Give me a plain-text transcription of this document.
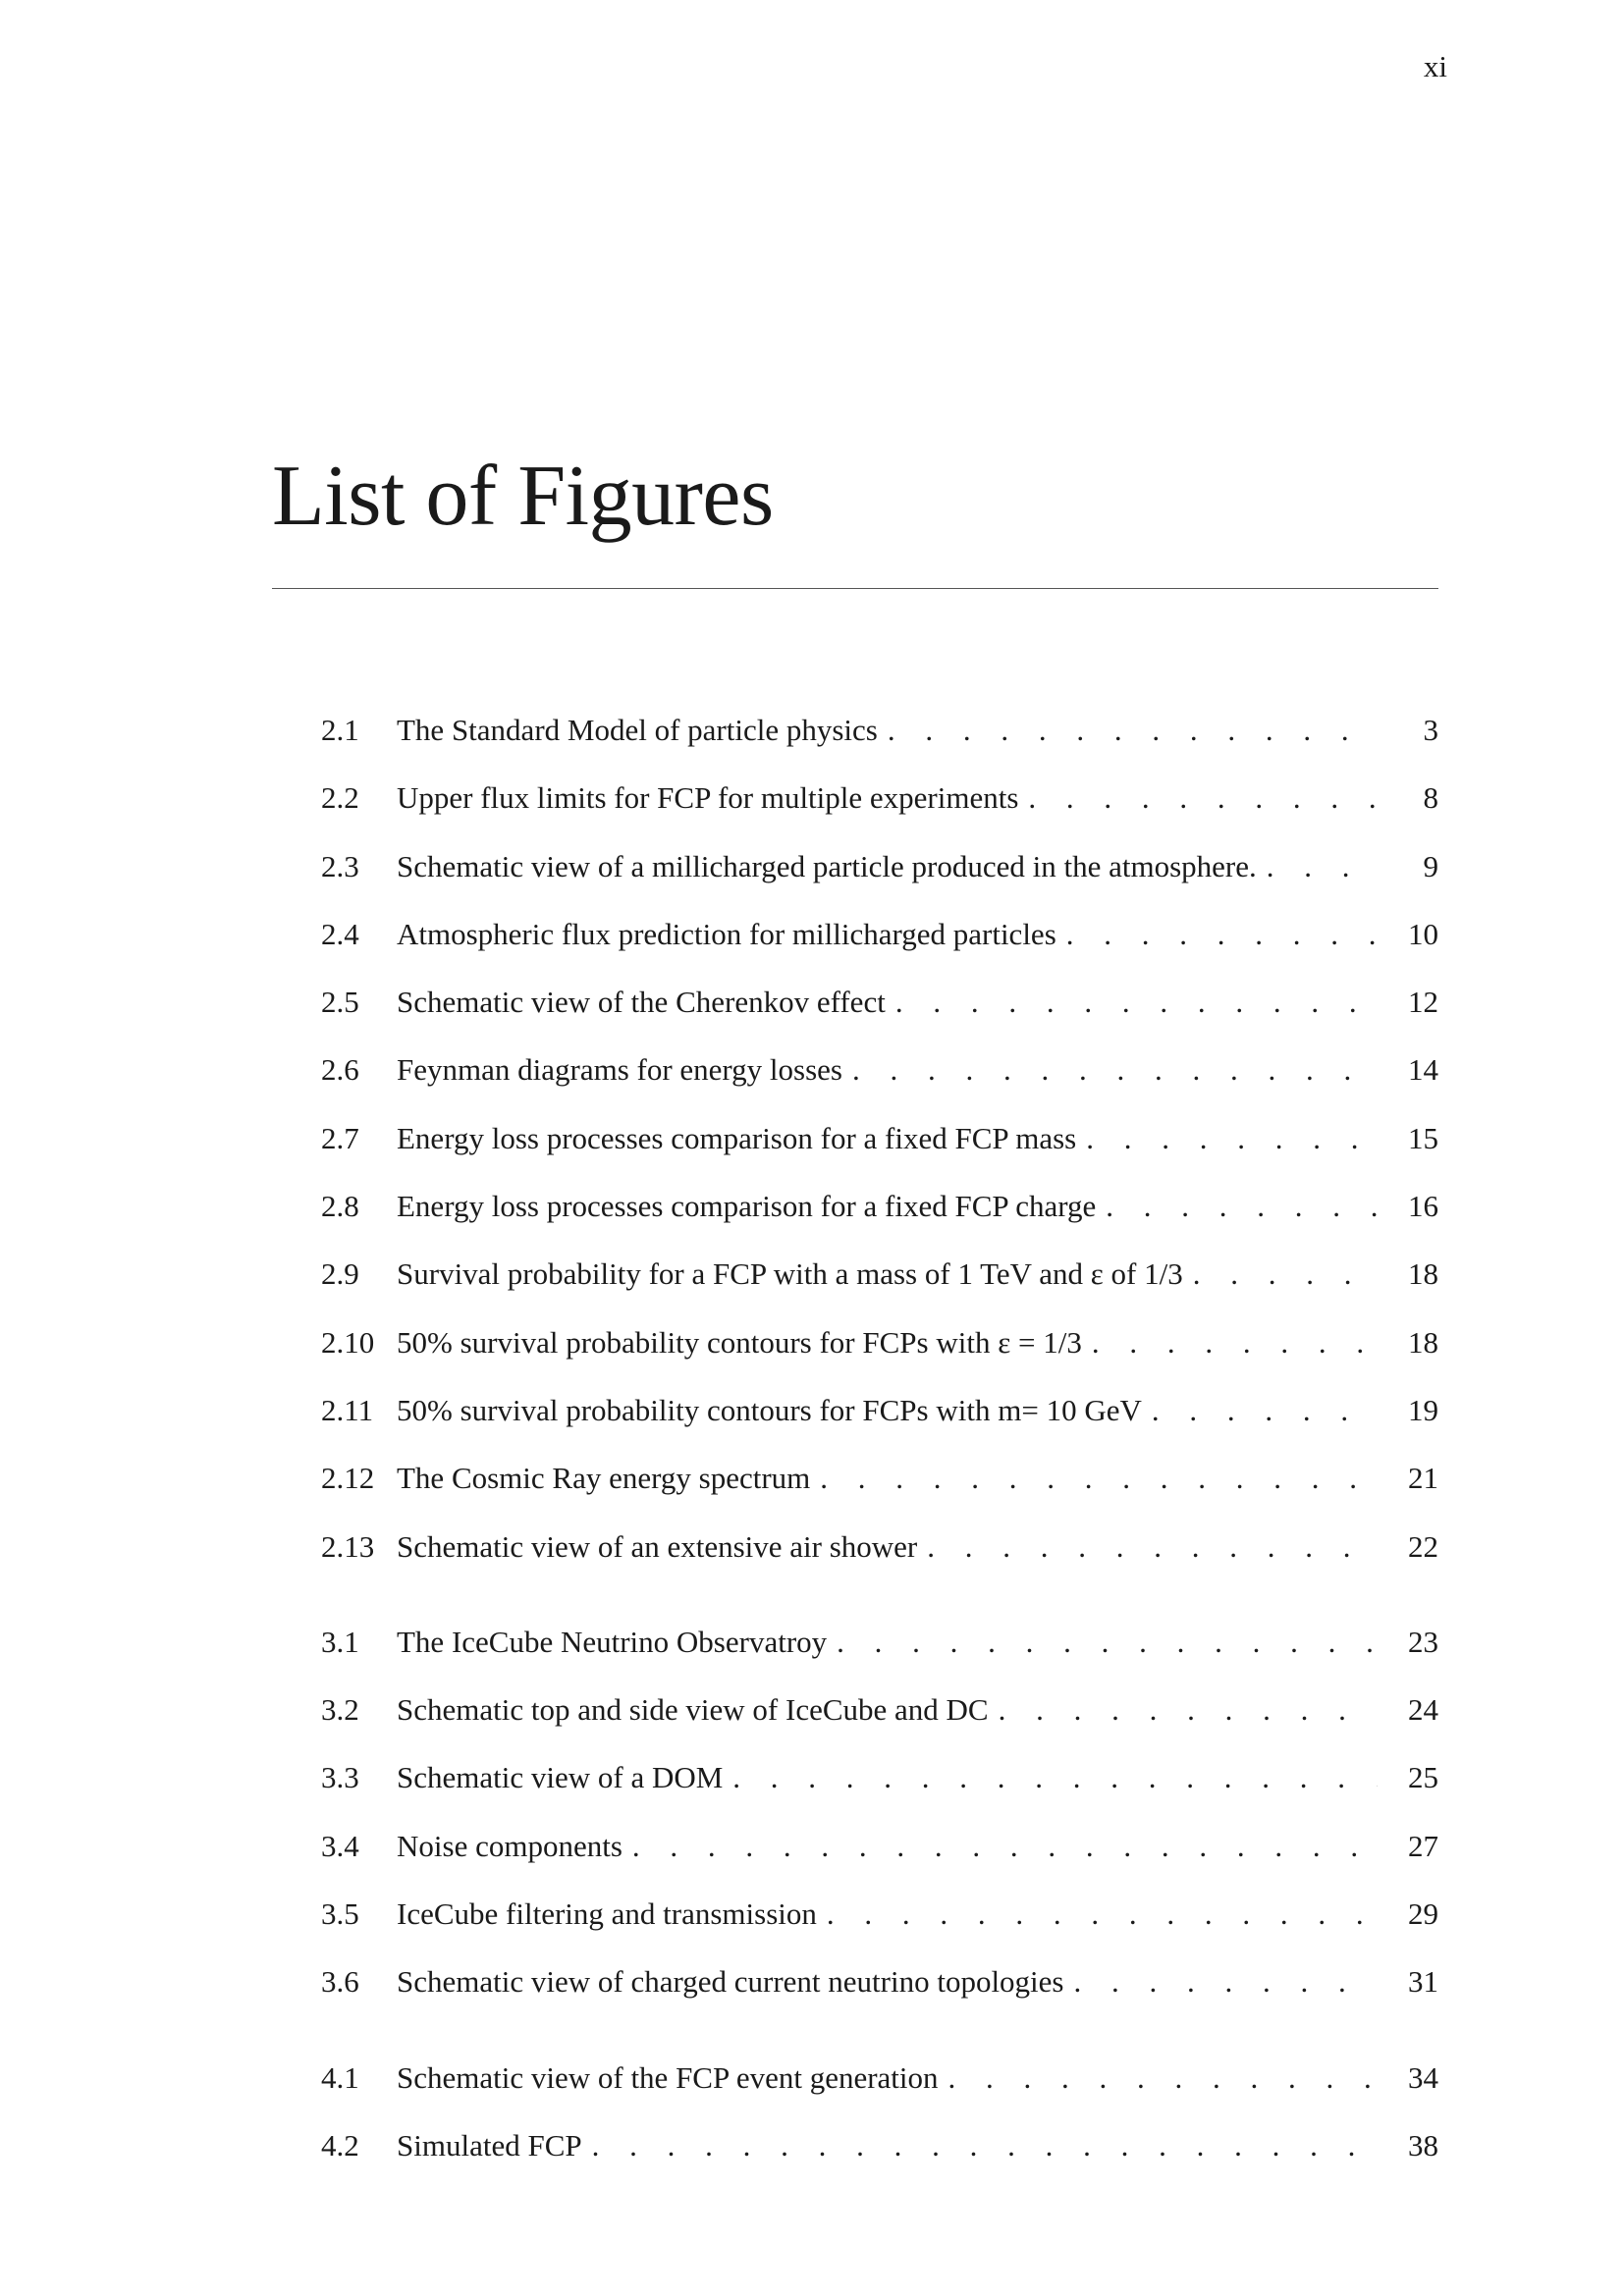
xi
List of Figures
2.1	The Standard Model of particle physics . . .	3
2.2	Upper flux limits for FCP for multiple experiments . . .	8
2.3	Schematic view of a millicharged particle produced in the atmosphere. . . .	9
2.4	Atmospheric flux prediction for millicharged particles . . .	10
2.5	Schematic view of the Cherenkov effect . . .	12
2.6	Feynman diagrams for energy losses . . .	14
2.7	Energy loss processes comparison for a fixed FCP mass . . .	15
2.8	Energy loss processes comparison for a fixed FCP charge . . .	16
2.9	Survival probability for a FCP with a mass of 1 TeV and ε of 1/3 . . .	18
2.10 50% survival probability contours for FCPs with ε = 1/3 . . .	18
2.11 50% survival probability contours for FCPs with m= 10 GeV . . .	19
2.12 The Cosmic Ray energy spectrum . . .	21
2.13 Schematic view of an extensive air shower . . .	22
3.1	The IceCube Neutrino Observatroy . . .	23
3.2	Schematic top and side view of IceCube and DC . . .	24
3.3	Schematic view of a DOM . . .	25
3.4	Noise components . . .	27
3.5	IceCube filtering and transmission . . .	29
3.6	Schematic view of charged current neutrino topologies . . .	31
4.1	Schematic view of the FCP event generation . . .	34
4.2	Simulated FCP . . .	38
